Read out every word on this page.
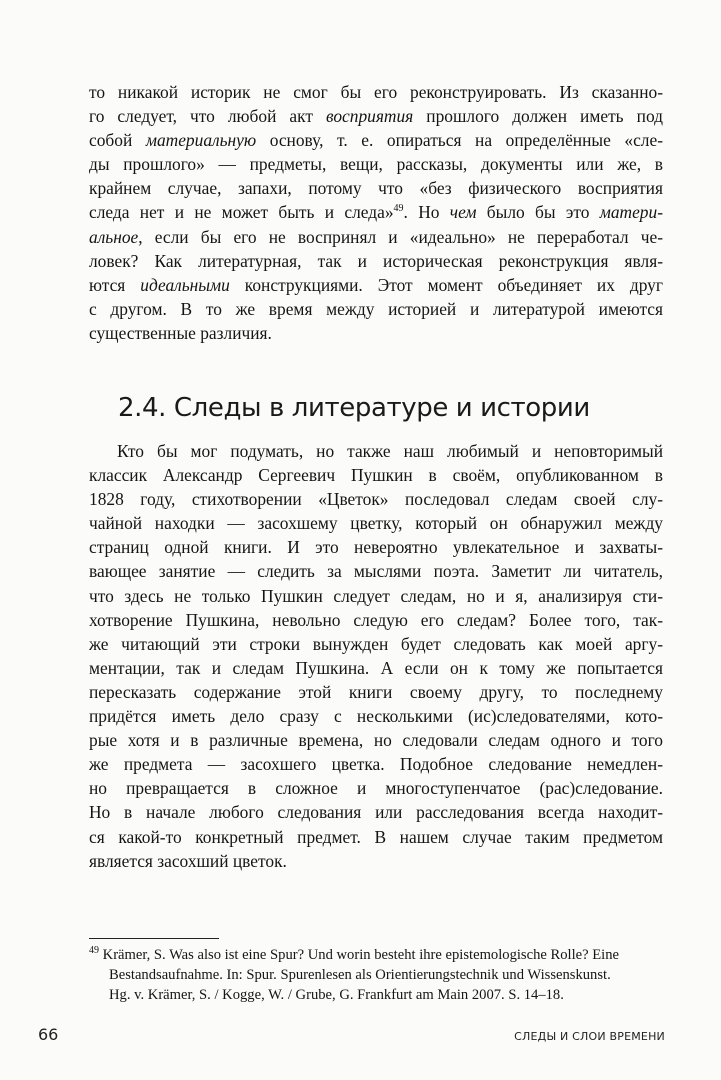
то никакой историк не смог бы его реконструировать. Из сказанно-
го следует, что любой акт восприятия прошлого должен иметь под
собой материальную основу, т. е. опираться на определённые «сле-
ды прошлого» — предметы, вещи, рассказы, документы или же, в
крайнем случае, запахи, потому что «без физического восприятия
следа нет и не может быть и следа»$^{49}$. Но чем было бы это матери-
альное, если бы его не воспринял и «идеально» не переработал че-
ловек? Как литературная, так и историческая реконструкция явля-
ются идеальными конструкциями. Этот момент объединяет их друг
с другом. В то же время между историей и литературой имеются
существенные различия.

2.4. Следы в литературе и истории

Кто бы мог подумать, но также наш любимый и неповторимый
классик Александр Сергеевич Пушкин в своём, опубликованном в
1828 году, стихотворении «Цветок» последовал следам своей слу-
чайной находки — засохшему цветку, который он обнаружил между
страниц одной книги. И это невероятно увлекательное и захваты-
вающее занятие — следить за мыслями поэта. Заметит ли читатель,
что здесь не только Пушкин следует следам, но и я, анализируя сти-
хотворение Пушкина, невольно следую его следам? Более того, так-
же читающий эти строки вынужден будет следовать как моей аргу-
ментации, так и следам Пушкина. А если он к тому же попытается
пересказать содержание этой книги своему другу, то последнему
придётся иметь дело сразу с несколькими (ис)следователями, кото-
рые хотя и в различные времена, но следовали следам одного и того
же предмета — засохшего цветка. Подобное следование немедлен-
но превращается в сложное и многоступенчатое (рас)следование.
Но в начале любого следования или расследования всегда находит-
ся какой-то конкретный предмет. В нашем случае таким предметом
является засохший цветок.

$^{49}$ Krämer, S. Was also ist eine Spur? Und worin besteht ihre epistemologische Rolle? Eine
Bestandsaufnahme. In: Spur. Spurenlesen als Orientierungstechnik und Wissenskunst.
Hg. v. Krämer, S. / Kogge, W. / Grube, G. Frankfurt am Main 2007. S. 14–18.

66	СЛЕДЫ И СЛОИ ВРЕМЕНИ
